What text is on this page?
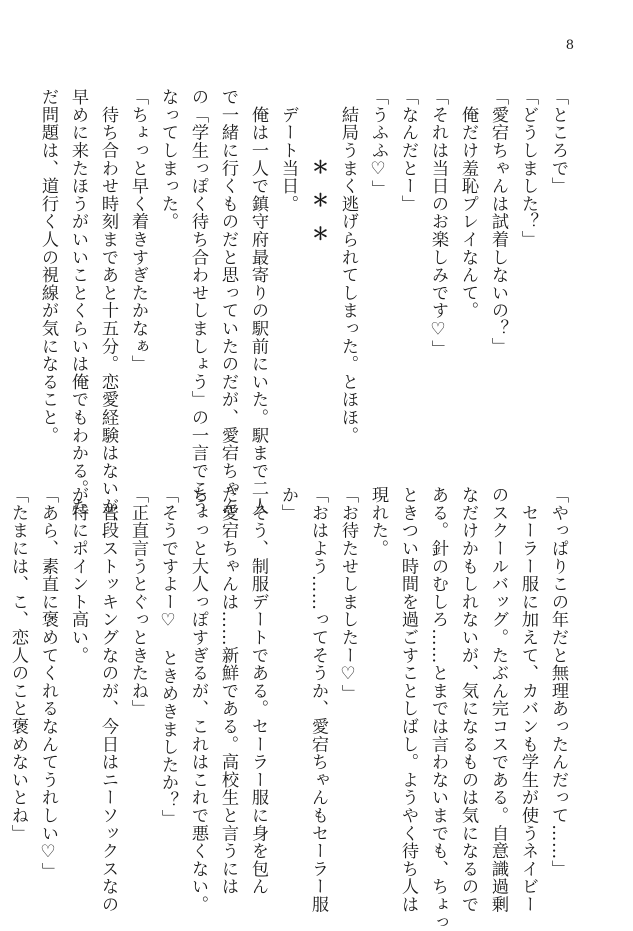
8
「ところで」
「どうしました？」
「愛宕ちゃんは試着しないの？」
　俺だけ羞恥プレイなんて。
「それは当日のお楽しみです♡」
「なんだとー」
「うふふ♡」
　結局うまく逃げられてしまった。とほほ。
＊＊＊
　デート当日。
　俺は一人で鎮守府最寄りの駅前にいた。駅まで二人
で一緒に行くものだと思っていたのだが、愛宕ちゃん
の「学生っぽく待ち合わせしましょう」の一言でこう
なってしまった。
「ちょっと早く着きすぎたかなぁ」
　待ち合わせ時刻まであと十五分。恋愛経験はないが、
早めに来たほうがいいことくらいは俺でもわかる。た
だ問題は、道行く人の視線が気になること。
「やっぱりこの年だと無理あったんだって……」
　セーラー服に加えて、カバンも学生が使うネイビー
のスクールバッグ。たぶん完コスである。自意識過剰
なだけかもしれないが、気になるものは気になるので
ある。針のむしろ……とまでは言わないまでも、ちょっ
ときつい時間を過ごすことしばし。ようやく待ち人は
現れた。
「お待たせしましたー♡」
「おはよう……ってそうか、愛宕ちゃんもセーラー服
か」
　そう、制服デートである。セーラー服に身を包ん
だ愛宕ちゃんは……新鮮である。高校生と言うには
ちょっと大人っぽすぎるが、これはこれで悪くない。
「そうですよー♡　ときめきましたか？」
「正直言うとぐっときたね」
　普段ストッキングなのが、今日はニーソックスなの
が特にポイント高い。
「あら、素直に褒めてくれるなんてうれしい♡」
「たまには、こ、恋人のこと褒めないとね」
